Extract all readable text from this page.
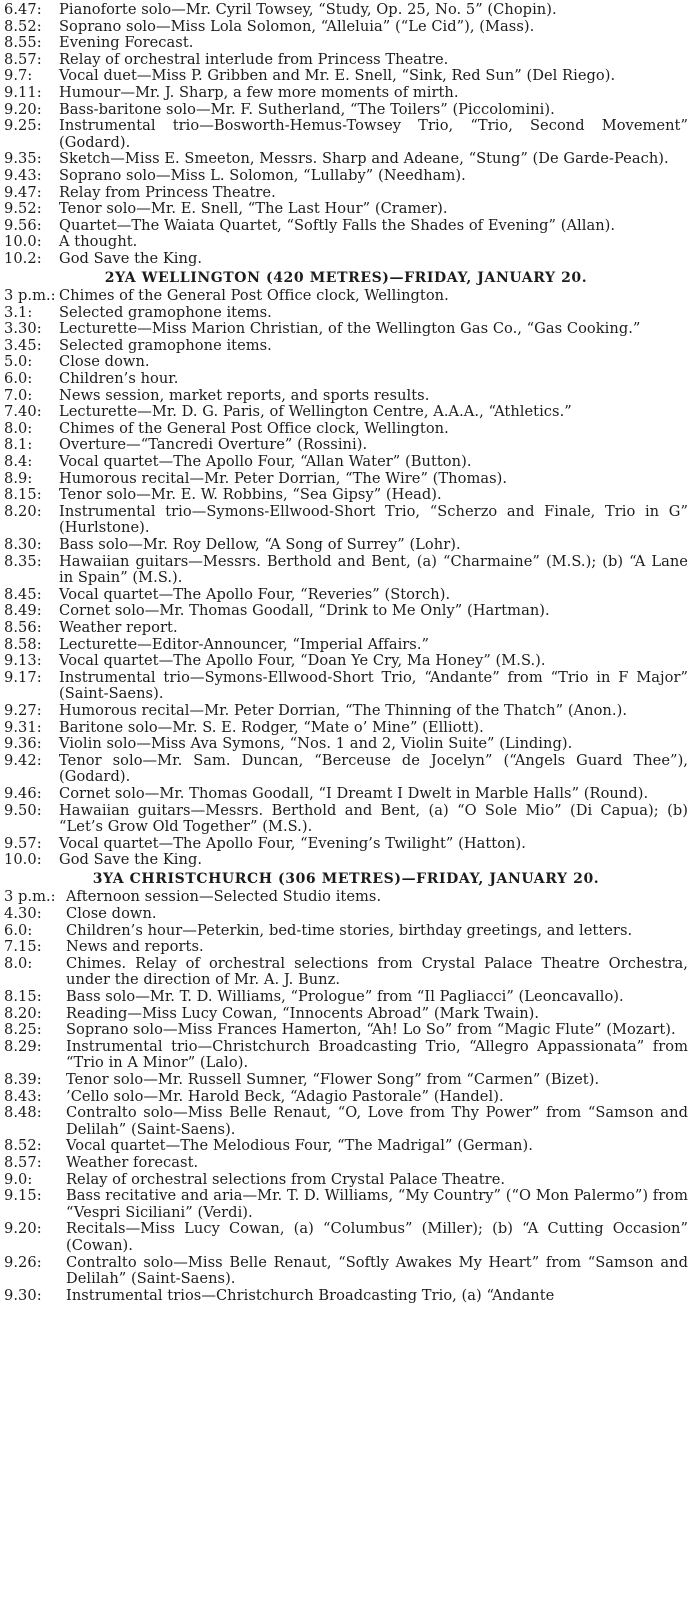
6.47:	Pianoforte solo—Mr. Cyril Towsey, “Study, Op. 25, No. 5” (Chopin).
8.52:	Soprano solo—Miss Lola Solomon, “Alleluia” (“Le Cid”), (Mass).
8.55:	Evening Forecast.
8.57:	Relay of orchestral interlude from Princess Theatre.
9.7:	Vocal duet—Miss P. Gribben and Mr. E. Snell, “Sink, Red Sun” (Del Riego).
9.11:	Humour—Mr. J. Sharp, a few more moments of mirth.
9.20:	Bass-baritone solo—Mr. F. Sutherland, “The Toilers” (Piccolomini).
9.25:	Instrumental trio—Bosworth-Hemus-Towsey Trio, “Trio, Second Movement” (Godard).
9.35:	Sketch—Miss E. Smeeton, Messrs. Sharp and Adeane, “Stung” (De Garde-Peach).
9.43:	Soprano solo—Miss L. Solomon, “Lullaby” (Needham).
9.47:	Relay from Princess Theatre.
9.52:	Tenor solo—Mr. E. Snell, “The Last Hour” (Cramer).
9.56:	Quartet—The Waiata Quartet, “Softly Falls the Shades of Evening” (Allan).
10.0:	A thought.
10.2:	God Save the King.
2YA WELLINGTON (420 METRES)—FRIDAY, JANUARY 20.
3 p.m.: Chimes of the General Post Office clock, Wellington.
3.1:	Selected gramophone items.
3.30:	Lecturette—Miss Marion Christian, of the Wellington Gas Co., “Gas Cooking.”
3.45:	Selected gramophone items.
5.0:	Close down.
6.0:	Children’s hour.
7.0:	News session, market reports, and sports results.
7.40:	Lecturette—Mr. D. G. Paris, of Wellington Centre, A.A.A., “Athletics.”
8.0:	Chimes of the General Post Office clock, Wellington.
8.1:	Overture—“Tancredi Overture” (Rossini).
8.4:	Vocal quartet—The Apollo Four, “Allan Water” (Button).
8.9:	Humorous recital—Mr. Peter Dorrian, “The Wire” (Thomas).
8.15:	Tenor solo—Mr. E. W. Robbins, “Sea Gipsy” (Head).
8.20:	Instrumental trio—Symons-Ellwood-Short Trio, “Scherzo and Finale, Trio in G” (Hurlstone).
8.30:	Bass solo—Mr. Roy Dellow, “A Song of Surrey” (Lohr).
8.35:	Hawaiian guitars—Messrs. Berthold and Bent, (a) “Charmaine” (M.S.); (b) “A Lane in Spain” (M.S.).
8.45:	Vocal quartet—The Apollo Four, “Reveries” (Storch).
8.49:	Cornet solo—Mr. Thomas Goodall, “Drink to Me Only” (Hartman).
8.56:	Weather report.
8.58:	Lecturette—Editor-Announcer, “Imperial Affairs.”
9.13:	Vocal quartet—The Apollo Four, “Doan Ye Cry, Ma Honey” (M.S.).
9.17:	Instrumental trio—Symons-Ellwood-Short Trio, “Andante” from “Trio in F Major” (Saint-Saens).
9.27:	Humorous recital—Mr. Peter Dorrian, “The Thinning of the Thatch” (Anon.).
9.31:	Baritone solo—Mr. S. E. Rodger, “Mate o’ Mine” (Elliott).
9.36:	Violin solo—Miss Ava Symons, “Nos. 1 and 2, Violin Suite” (Linding).
9.42:	Tenor solo—Mr. Sam. Duncan, “Berceuse de Jocelyn” (“Angels Guard Thee”), (Godard).
9.46:	Cornet solo—Mr. Thomas Goodall, “I Dreamt I Dwelt in Marble Halls” (Round).
9.50:	Hawaiian guitars—Messrs. Berthold and Bent, (a) “O Sole Mio” (Di Capua); (b) “Let’s Grow Old Together” (M.S.).
9.57:	Vocal quartet—The Apollo Four, “Evening’s Twilight” (Hatton).
10.0:	God Save the King.
3YA CHRISTCHURCH (306 METRES)—FRIDAY, JANUARY 20.
3 p.m.: Afternoon session—Selected Studio items.
4.30:	Close down.
6.0:	Children’s hour—Peterkin, bed-time stories, birthday greetings, and letters.
7.15:	News and reports.
8.0:	Chimes. Relay of orchestral selections from Crystal Palace Theatre Orchestra, under the direction of Mr. A. J. Bunz.
8.15:	Bass solo—Mr. T. D. Williams, “Prologue” from “Il Pagliacci” (Leoncavallo).
8.20:	Reading—Miss Lucy Cowan, “Innocents Abroad” (Mark Twain).
8.25:	Soprano solo—Miss Frances Hamerton, “Ah! Lo So” from “Magic Flute” (Mozart).
8.29:	Instrumental trio—Christchurch Broadcasting Trio, “Allegro Appassionata” from “Trio in A Minor” (Lalo).
8.39:	Tenor solo—Mr. Russell Sumner, “Flower Song” from “Carmen” (Bizet).
8.43:	’Cello solo—Mr. Harold Beck, “Adagio Pastorale” (Handel).
8.48:	Contralto solo—Miss Belle Renaut, “O, Love from Thy Power” from “Samson and Delilah” (Saint-Saens).
8.52:	Vocal quartet—The Melodious Four, “The Madrigal” (German).
8.57:	Weather forecast.
9.0:	Relay of orchestral selections from Crystal Palace Theatre.
9.15:	Bass recitative and aria—Mr. T. D. Williams, “My Country” (“O Mon Palermo”) from “Vespri Siciliani” (Verdi).
9.20:	Recitals—Miss Lucy Cowan, (a) “Columbus” (Miller); (b) “A Cutting Occasion” (Cowan).
9.26:	Contralto solo—Miss Belle Renaut, “Softly Awakes My Heart” from “Samson and Delilah” (Saint-Saens).
9.30:	Instrumental trios—Christchurch Broadcasting Trio, (a) “Andante
